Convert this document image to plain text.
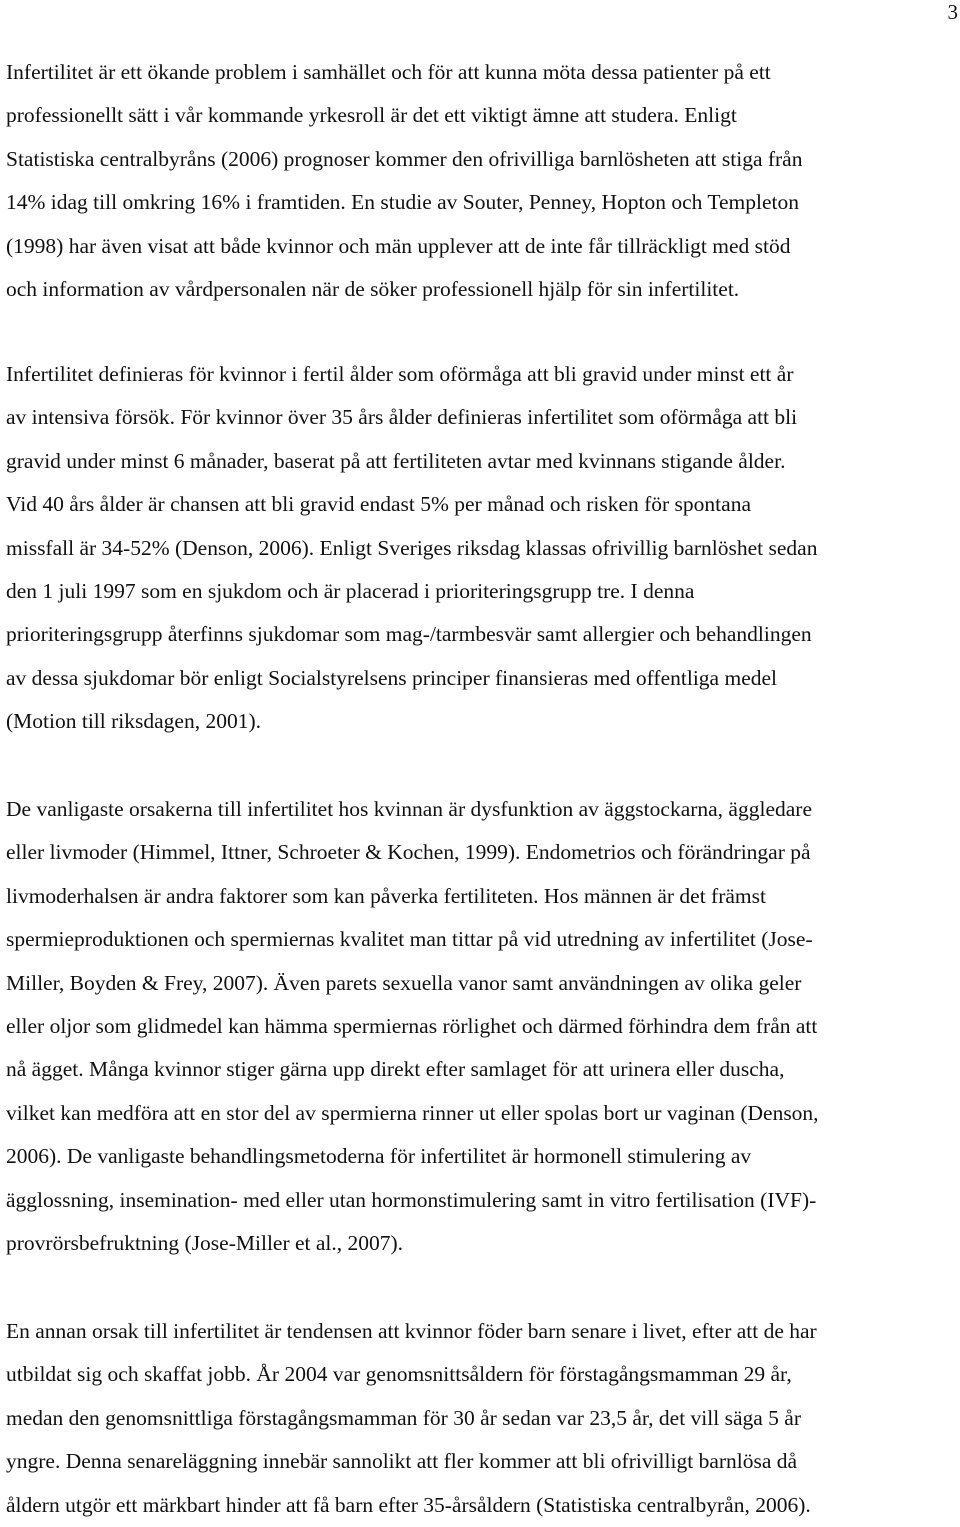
3
Infertilitet är ett ökande problem i samhället och för att kunna möta dessa patienter på ett
professionellt sätt i vår kommande yrkesroll är det ett viktigt ämne att studera. Enligt
Statistiska centralbyråns (2006) prognoser kommer den ofrivilliga barnlösheten att stiga från
14% idag till omkring 16% i framtiden. En studie av Souter, Penney, Hopton och Templeton
(1998) har även visat att både kvinnor och män upplever att de inte får tillräckligt med stöd
och information av vårdpersonalen när de söker professionell hjälp för sin infertilitet.
Infertilitet definieras för kvinnor i fertil ålder som oförmåga att bli gravid under minst ett år
av intensiva försök. För kvinnor över 35 års ålder definieras infertilitet som oförmåga att bli
gravid under minst 6 månader, baserat på att fertiliteten avtar med kvinnans stigande ålder.
Vid 40 års ålder är chansen att bli gravid endast 5% per månad och risken för spontana
missfall är 34-52% (Denson, 2006). Enligt Sveriges riksdag klassas ofrivillig barnlöshet sedan
den 1 juli 1997 som en sjukdom och är placerad i prioriteringsgrupp tre. I denna
prioriteringsgrupp återfinns sjukdomar som mag-/tarmbesvär samt allergier och behandlingen
av dessa sjukdomar bör enligt Socialstyrelsens principer finansieras med offentliga medel
(Motion till riksdagen, 2001).
De vanligaste orsakerna till infertilitet hos kvinnan är dysfunktion av äggstockarna, äggledare
eller livmoder (Himmel, Ittner, Schroeter & Kochen, 1999). Endometrios och förändringar på
livmoderhalsen är andra faktorer som kan påverka fertiliteten. Hos männen är det främst
spermieproduktionen och spermiernas kvalitet man tittar på vid utredning av infertilitet (Jose-
Miller, Boyden & Frey, 2007). Även parets sexuella vanor samt användningen av olika geler
eller oljor som glidmedel kan hämma spermiernas rörlighet och därmed förhindra dem från att
nå ägget. Många kvinnor stiger gärna upp direkt efter samlaget för att urinera eller duscha,
vilket kan medföra att en stor del av spermierna rinner ut eller spolas bort ur vaginan (Denson,
2006). De vanligaste behandlingsmetoderna för infertilitet är hormonell stimulering av
ägglossning, insemination- med eller utan hormonstimulering samt in vitro fertilisation (IVF)-
provrörsbefruktning (Jose-Miller et al., 2007).
En annan orsak till infertilitet är tendensen att kvinnor föder barn senare i livet, efter att de har
utbildat sig och skaffat jobb. År 2004 var genomsnittsåldern för förstagångsmamman 29 år,
medan den genomsnittliga förstagångsmamman för 30 år sedan var 23,5 år, det vill säga 5 år
yngre. Denna senareläggning innebär sannolikt att fler kommer att bli ofrivilligt barnlösa då
åldern utgör ett märkbart hinder att få barn efter 35-årsåldern (Statistiska centralbyrån, 2006).
